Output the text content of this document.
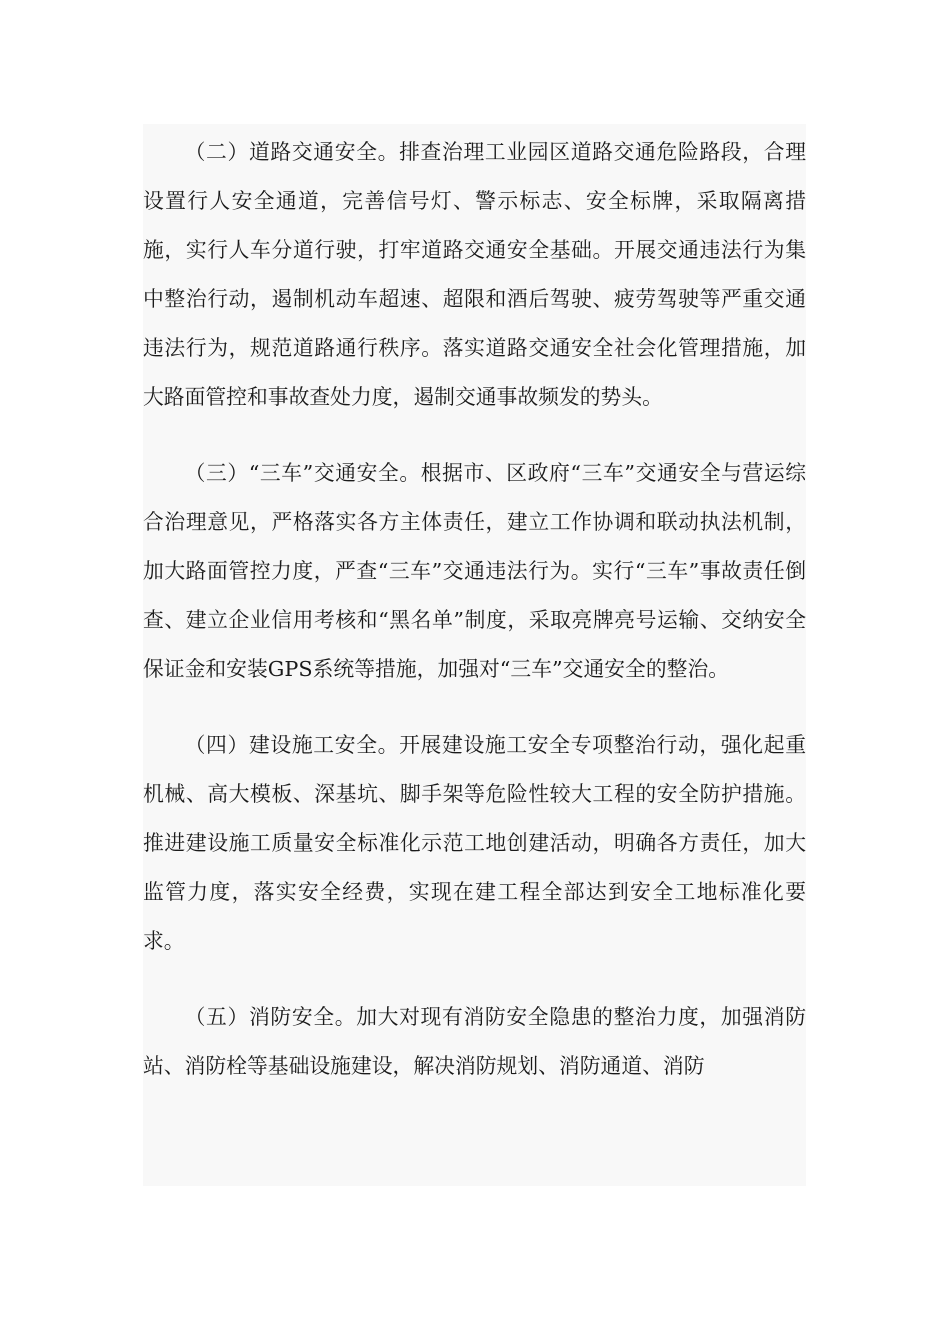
（二）道路交通安全。排查治理工业园区道路交通危险路段，合理设置行人安全通道，完善信号灯、警示标志、安全标牌，采取隔离措施，实行人车分道行驶，打牢道路交通安全基础。开展交通违法行为集中整治行动，遏制机动车超速、超限和酒后驾驶、疲劳驾驶等严重交通违法行为，规范道路通行秩序。落实道路交通安全社会化管理措施，加大路面管控和事故查处力度，遏制交通事故频发的势头。

（三）“三车”交通安全。根据市、区政府“三车”交通安全与营运综合治理意见，严格落实各方主体责任，建立工作协调和联动执法机制，加大路面管控力度，严查“三车”交通违法行为。实行“三车”事故责任倒查、建立企业信用考核和“黑名单”制度，采取亮牌亮号运输、交纳安全保证金和安装GPS系统等措施，加强对“三车”交通安全的整治。

（四）建设施工安全。开展建设施工安全专项整治行动，强化起重机械、高大模板、深基坑、脚手架等危险性较大工程的安全防护措施。推进建设施工质量安全标准化示范工地创建活动，明确各方责任，加大监管力度，落实安全经费，实现在建工程全部达到安全工地标准化要求。

（五）消防安全。加大对现有消防安全隐患的整治力度，加强消防站、消防栓等基础设施建设，解决消防规划、消防通道、消防
